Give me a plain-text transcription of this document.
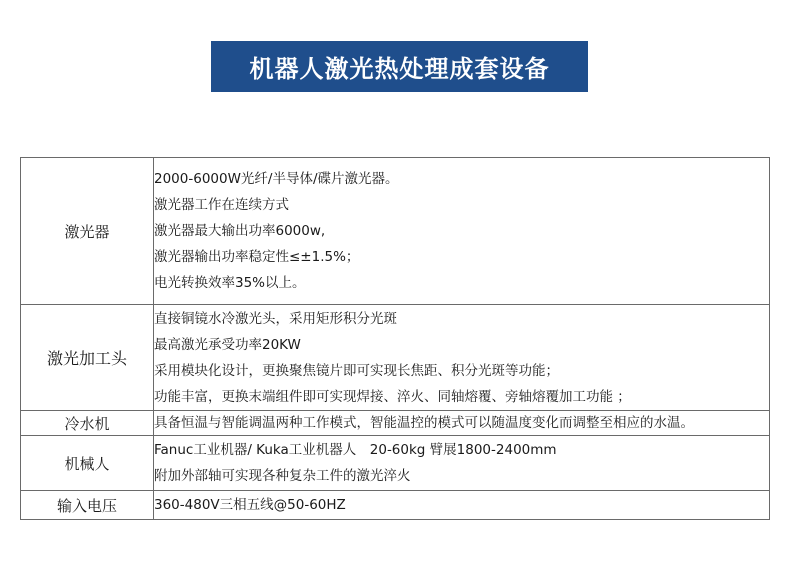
机器人激光热处理成套设备
激光器	2000-6000W光纤/半导体/碟片激光器。
激光器工作在连续方式
激光器最大输出功率6000w,
激光器输出功率稳定性≤±1.5%；
电光转换效率35%以上。

激光加工头	直接铜镜水冷激光头，采用矩形积分光斑
最高激光承受功率20KW
采用模块化设计，更换聚焦镜片即可实现长焦距、积分光斑等功能；
功能丰富，更换末端组件即可实现焊接、淬火、同轴熔覆、旁轴熔覆加工功能 ；

冷水机	具备恒温与智能调温两种工作模式，智能温控的模式可以随温度变化而调整至相应的水温。

机械人	Fanuc工业机器/ Kuka工业机器人　20-60kg 臂展1800-2400mm
附加外部轴可实现各种复杂工件的激光淬火

输入电压	360-480V三相五线@50-60HZ
